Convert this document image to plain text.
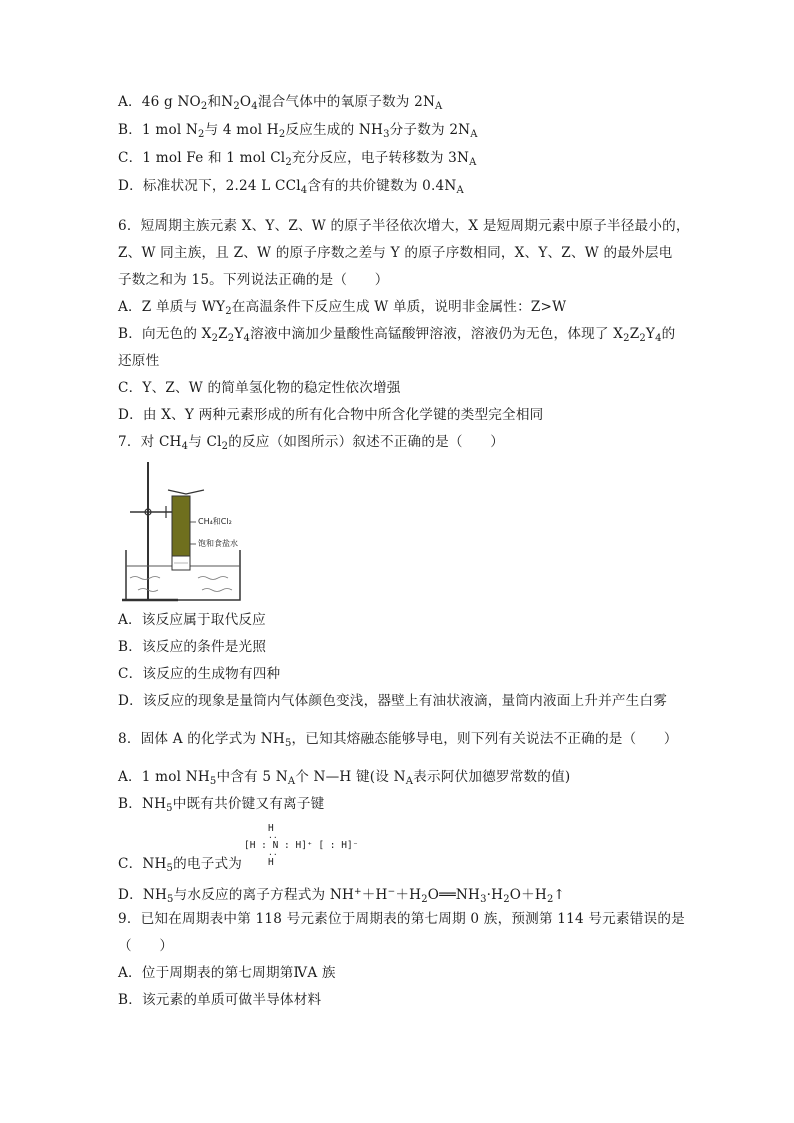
A．46 g $NO_2$和$N_2O_4$混合气体中的氧原子数为 $2N_A$
B．1 mol $N_2$与 4 mol $H_2$反应生成的 $NH_3$分子数为 $2N_A$
C．1 mol Fe 和 1 mol $Cl_2$充分反应，电子转移数为 $3N_A$
D．标准状况下，2.24 L CCl$_4$含有的共价键数为 $0.4N_A$
6．短周期主族元素 X、Y、Z、W 的原子半径依次增大，X 是短周期元素中原子半径最小的，
Z、W 同主族，且 Z、W 的原子序数之差与 Y 的原子序数相同，X、Y、Z、W 的最外层电
子数之和为 15。下列说法正确的是（　　）
A．Z 单质与 $WY_2$在高温条件下反应生成 W 单质，说明非金属性：Z>W
B．向无色的 $X_2Z_2Y_4$溶液中滴加少量酸性高锰酸钾溶液，溶液仍为无色，体现了 $X_2Z_2Y_4$的
还原性
C．Y、Z、W 的简单氢化物的稳定性依次增强
D．由 X、Y 两种元素形成的所有化合物中所含化学键的类型完全相同
7．对 $CH_4$与 $Cl_2$的反应（如图所示）叙述不正确的是（　　）
CH₄和Cl₂
饱和食盐水
A．该反应属于取代反应
B．该反应的条件是光照
C．该反应的生成物有四种
D．该反应的现象是量筒内气体颜色变浅，器壁上有油状液滴，量筒内液面上升并产生白雾
8．固体 A 的化学式为 $NH_5$，已知其熔融态能够导电，则下列有关说法不正确的是（　　）
A．1 mol $NH_5$中含有 5 $N_A$个 N—H 键(设 $N_A$表示阿伏加德罗常数的值)
B．$NH_5$中既有共价键又有离子键
H
··
[H : N : H]⁺ [ : H]⁻
··
H
C．$NH_5$的电子式为
D．$NH_5$与水反应的离子方程式为 $NH^++H^-+H_2O══NH_3\cdot H_2O+H_2↑$
9．已知在周期表中第 118 号元素位于周期表的第七周期 0 族，预测第 114 号元素错误的是
（　　）
A．位于周期表的第七周期第ⅣA 族
B．该元素的单质可做半导体材料
